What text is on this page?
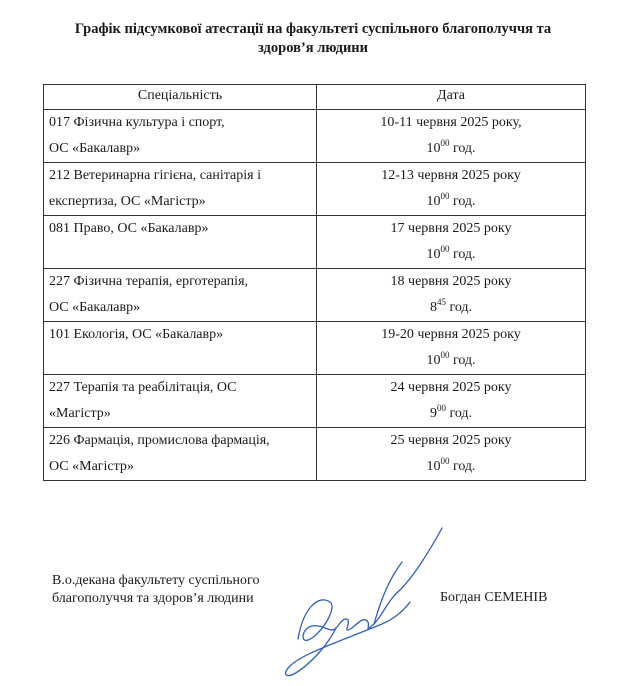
Графік підсумкової атестації на факультеті суспільного благополуччя та
здоров’я людини
Спеціальність	Дата

017 Фізична культура і спорт,
ОС «Бакалавр»	10-11 червня 2025 року,
$10^{00}$ год.

212 Ветеринарна гігієна, санітарія і
експертиза, ОС «Магістр»	12-13 червня 2025 року
$10^{00}$ год.

081 Право, ОС «Бакалавр»	17 червня 2025 року
$10^{00}$ год.

227 Фізична терапія, ерготерапія,
ОС «Бакалавр»	18 червня 2025 року
$8^{45}$ год.

101 Екологія, ОС «Бакалавр»	19-20 червня 2025 року
$10^{00}$ год.

227 Терапія та реабілітація, ОС
«Магістр»	24 червня 2025 року
$9^{00}$ год.

226 Фармація, промислова фармація,
ОС «Магістр»	25 червня 2025 року
$10^{00}$ год.
В.о.декана факультету суспільного
благополуччя та здоров’я людини	Богдан СЕМЕНІВ
